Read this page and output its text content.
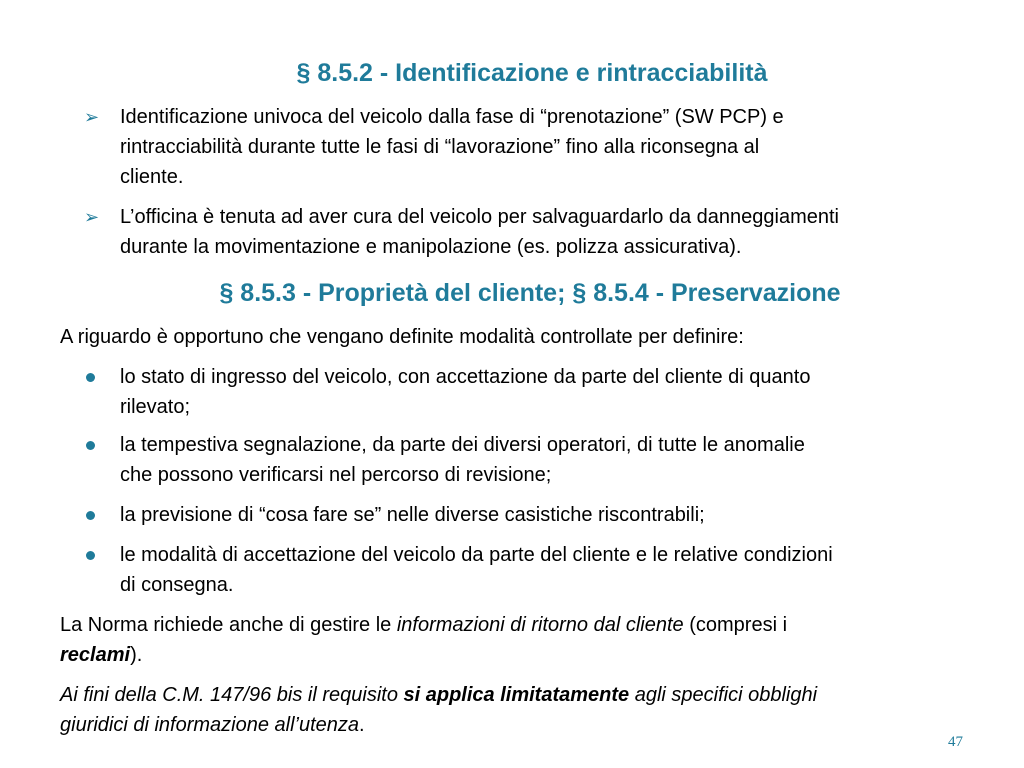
§ 8.5.2 - Identificazione e rintracciabilità
➢	Identificazione univoca del veicolo dalla fase di “prenotazione” (SW PCP) e
rintracciabilità durante tutte le fasi di “lavorazione” fino alla riconsegna al
cliente.
➢	L’officina è tenuta ad aver cura del veicolo per salvaguardarlo da danneggiamenti
durante la movimentazione e manipolazione (es. polizza assicurativa).
§ 8.5.3 - Proprietà del cliente; § 8.5.4 - Preservazione
A riguardo è opportuno che vengano definite modalità controllate per definire:
lo stato di ingresso del veicolo, con accettazione da parte del cliente di quanto
rilevato;
la tempestiva segnalazione, da parte dei diversi operatori, di tutte le anomalie
che possono verificarsi nel percorso di revisione;
la previsione di “cosa fare se” nelle diverse casistiche riscontrabili;
le modalità di accettazione del veicolo da parte del cliente e le relative condizioni
di consegna.
La Norma richiede anche di gestire le informazioni di ritorno dal cliente (compresi i
reclami).
Ai fini della C.M. 147/96 bis il requisito si applica limitatamente agli specifici obblighi
giuridici di informazione all’utenza.
47
